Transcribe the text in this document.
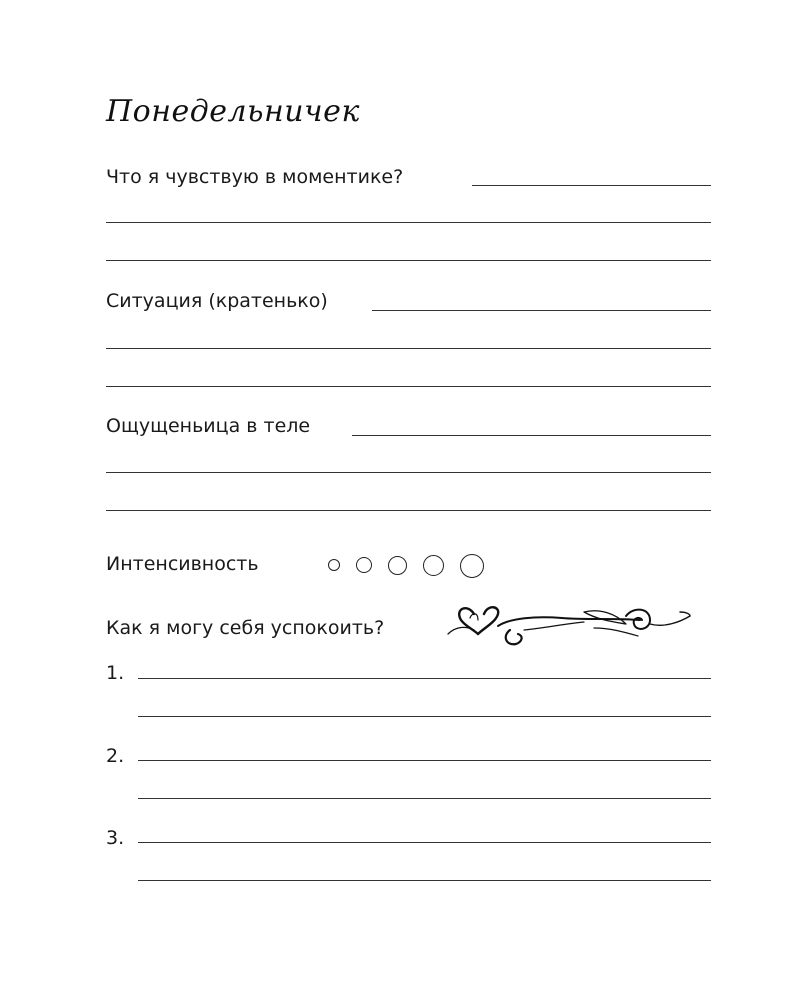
Понедельничек
Что я чувствую в моментике?
Ситуация (кратенько)
Ощущеньица в теле
Интенсивность
Как я могу себя успокоить?
1.
2.
3.
